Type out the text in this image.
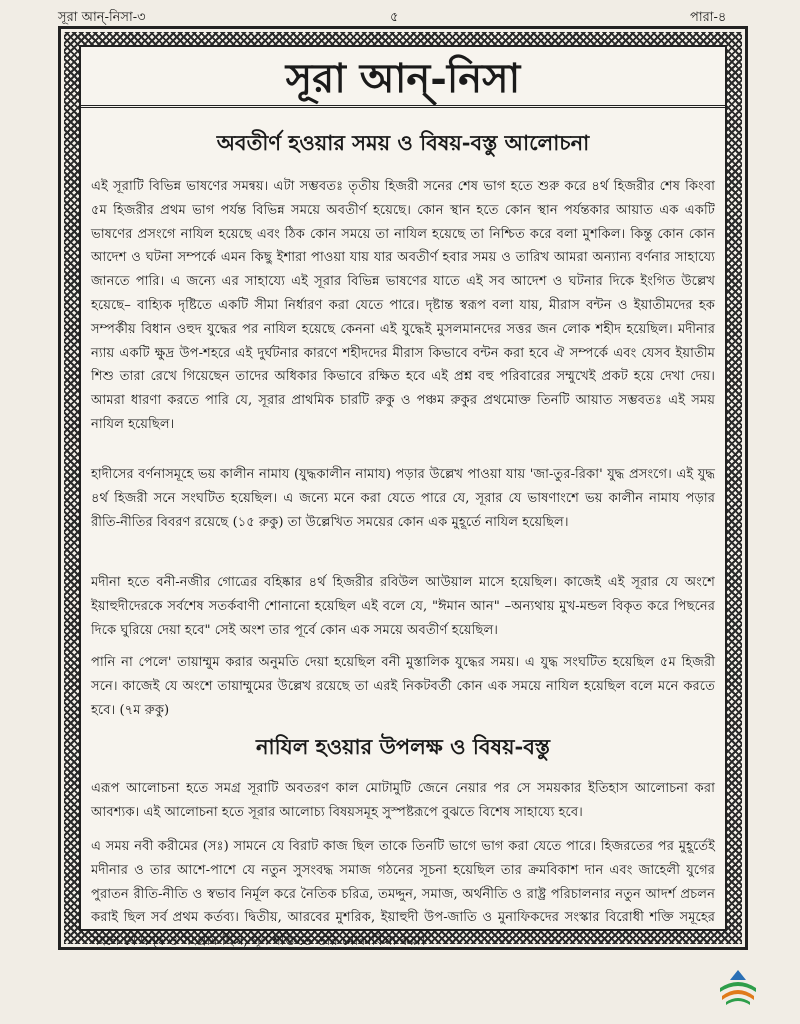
সূরা আন্-নিসা-৩	৫	পারা-৪
সূরা আন্-নিসা
অবতীর্ণ হওয়ার সময় ও বিষয়-বস্তু আলোচনা
এই সূরাটি বিভিন্ন ভাষণের সমন্বয়। এটা সম্ভবতঃ তৃতীয় হিজরী সনের শেষ ভাগ হতে শুরু করে ৪র্থ হিজরীর শেষ কিংবা ৫ম হিজরীর প্রথম ভাগ পর্যন্ত বিভিন্ন সময়ে অবতীর্ণ হয়েছে। কোন স্থান হতে কোন স্থান পর্যন্তকার আয়াত এক একটি ভাষণের প্রসংগে নাযিল হয়েছে এবং ঠিক কোন সময়ে তা নাযিল হয়েছে তা নিশ্চিত করে বলা মুশকিল। কিন্তু কোন কোন আদেশ ও ঘটনা সম্পর্কে এমন কিছু ইশারা পাওয়া যায় যার অবতীর্ণ হবার সময় ও তারিখ আমরা অন্যান্য বর্ণনার সাহায্যে জানতে পারি। এ জন্যে এর সাহায্যে এই সূরার বিভিন্ন ভাষণের যাতে এই সব আদেশ ও ঘটনার দিকে ইংগিত উল্লেখ হয়েছে– বাহ্যিক দৃষ্টিতে একটি সীমা নির্ধারণ করা যেতে পারে। দৃষ্টান্ত স্বরূপ বলা যায়, মীরাস বন্টন ও ইয়াতীমদের হক সম্পর্কীয় বিধান ওহুদ যুদ্ধের পর নাযিল হয়েছে কেননা এই যুদ্ধেই মুসলমানদের সত্তর জন লোক শহীদ হয়েছিল। মদীনার ন্যায় একটি ক্ষুদ্র উপ-শহরে এই দুর্ঘটনার কারণে শহীদদের মীরাস কিভাবে বন্টন করা হবে ঐ সম্পর্কে এবং যেসব ইয়াতীম শিশু তারা রেখে গিয়েছেন তাদের অধিকার কিভাবে রক্ষিত হবে এই প্রশ্ন বহু পরিবারের সম্মুখেই প্রকট হয়ে দেখা দেয়। আমরা ধারণা করতে পারি যে, সূরার প্রাথমিক চারটি রুকু ও পঞ্চম রুকুর প্রথমোক্ত তিনটি আয়াত সম্ভবতঃ এই সময় নাযিল হয়েছিল।
হাদীসের বর্ণনাসমূহে ভয় কালীন নামায (যুদ্ধকালীন নামায) পড়ার উল্লেখ পাওয়া যায় 'জা-তুর-রিকা' যুদ্ধ প্রসংগে। এই যুদ্ধ ৪র্থ হিজরী সনে সংঘটিত হয়েছিল। এ জন্যে মনে করা যেতে পারে যে, সূরার যে ভাষণাংশে ভয় কালীন নামায পড়ার রীতি-নীতির বিবরণ রয়েছে (১৫ রুকু) তা উল্লেখিত সময়ের কোন এক মুহূর্তে নাযিল হয়েছিল।
মদীনা হতে বনী-নজীর গোত্রের বহিষ্কার ৪র্থ হিজরীর রবিউল আউয়াল মাসে হয়েছিল। কাজেই এই সূরার যে অংশে ইয়াহুদীদেরকে সর্বশেষ সতর্কবাণী শোনানো হয়েছিল এই বলে যে, "ঈমান আন" –অন্যথায় মুখ-মন্ডল বিকৃত করে পিছনের দিকে ঘুরিয়ে দেয়া হবে" সেই অংশ তার পূর্বে কোন এক সময়ে অবতীর্ণ হয়েছিল।
পানি না পেলে' তায়াম্মুম করার অনুমতি দেয়া হয়েছিল বনী মুস্তালিক যুদ্ধের সময়। এ যুদ্ধ সংঘটিত হয়েছিল ৫ম হিজরী সনে। কাজেই যে অংশে তায়াম্মুমের উল্লেখ রয়েছে তা এরই নিকটবর্তী কোন এক সময়ে নাযিল হয়েছিল বলে মনে করতে হবে। (৭ম রুকু)
নাযিল হওয়ার উপলক্ষ ও বিষয়-বস্তু
এরূপ আলোচনা হতে সমগ্র সূরাটি অবতরণ কাল মোটামুটি জেনে নেয়ার পর সে সময়কার ইতিহাস আলোচনা করা আবশ্যক। এই আলোচনা হতে সূরার আলোচ্য বিষয়সমূহ সুস্পষ্টরূপে বুঝতে বিশেষ সাহায্যে হবে।
এ সময় নবী করীমের (সঃ) সামনে যে বিরাট কাজ ছিল তাকে তিনটি ভাগে ভাগ করা যেতে পারে। হিজরতের পর মুহূর্তেই মদীনার ও তার আশে-পাশে যে নতুন সুসংবদ্ধ সমাজ গঠনের সূচনা হয়েছিল তার ক্রমবিকাশ দান এবং জাহেলী যুগের পুরাতন রীতি-নীতি ও স্বভাব নির্মূল করে নৈতিক চরিত্র, তমদ্দুন, সমাজ, অর্থনীতি ও রাষ্ট্র পরিচালনার নতুন আদর্শ প্রচলন করাই ছিল সর্ব প্রথম কর্তব্য। দ্বিতীয়, আরবের মুশরিক, ইয়াহুদী উপ-জাতি ও মুনাফিকদের সংস্কার বিরোধী শক্তি সমূহের সংগে যে দ্বন্দ্ব ও সংগ্রাম ছিল, পূর্ণ শক্তিতে তার মোকাবিলা করা।
